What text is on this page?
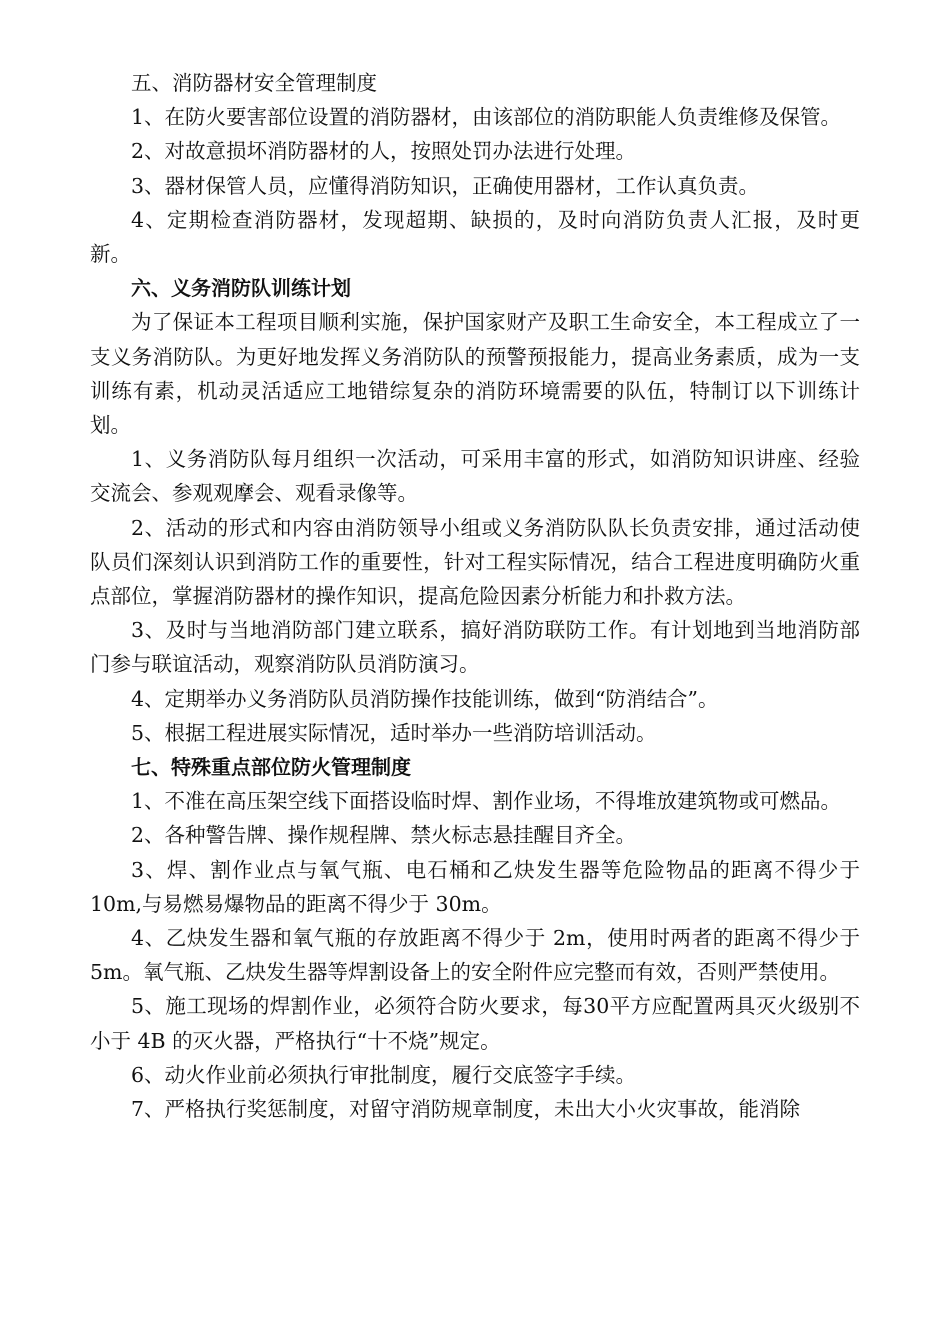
五、消防器材安全管理制度

1、在防火要害部位设置的消防器材，由该部位的消防职能人负责维修及保管。

2、对故意损坏消防器材的人，按照处罚办法进行处理。

3、器材保管人员，应懂得消防知识，正确使用器材，工作认真负责。

4、定期检查消防器材，发现超期、缺损的，及时向消防负责人汇报，及时更新。

六、义务消防队训练计划

为了保证本工程项目顺利实施，保护国家财产及职工生命安全，本工程成立了一支义务消防队。为更好地发挥义务消防队的预警预报能力，提高业务素质，成为一支训练有素，机动灵活适应工地错综复杂的消防环境需要的队伍，特制订以下训练计划。

1、义务消防队每月组织一次活动，可采用丰富的形式，如消防知识讲座、经验交流会、参观观摩会、观看录像等。

2、活动的形式和内容由消防领导小组或义务消防队队长负责安排，通过活动使队员们深刻认识到消防工作的重要性，针对工程实际情况，结合工程进度明确防火重点部位，掌握消防器材的操作知识，提高危险因素分析能力和扑救方法。

3、及时与当地消防部门建立联系，搞好消防联防工作。有计划地到当地消防部门参与联谊活动，观察消防队员消防演习。

4、定期举办义务消防队员消防操作技能训练，做到“防消结合”。

5、根据工程进展实际情况，适时举办一些消防培训活动。

七、特殊重点部位防火管理制度

1、不准在高压架空线下面搭设临时焊、割作业场，不得堆放建筑物或可燃品。

2、各种警告牌、操作规程牌、禁火标志悬挂醒目齐全。

3、焊、割作业点与氧气瓶、电石桶和乙炔发生器等危险物品的距离不得少于 10m,与易燃易爆物品的距离不得少于 30m。

4、乙炔发生器和氧气瓶的存放距离不得少于 2m，使用时两者的距离不得少于 5m。氧气瓶、乙炔发生器等焊割设备上的安全附件应完整而有效，否则严禁使用。

5、施工现场的焊割作业，必须符合防火要求，每30平方应配置两具灭火级别不小于 4B 的灭火器，严格执行“十不烧”规定。

6、动火作业前必须执行审批制度，履行交底签字手续。

7、严格执行奖惩制度，对留守消防规章制度，未出大小火灾事故，能消除
